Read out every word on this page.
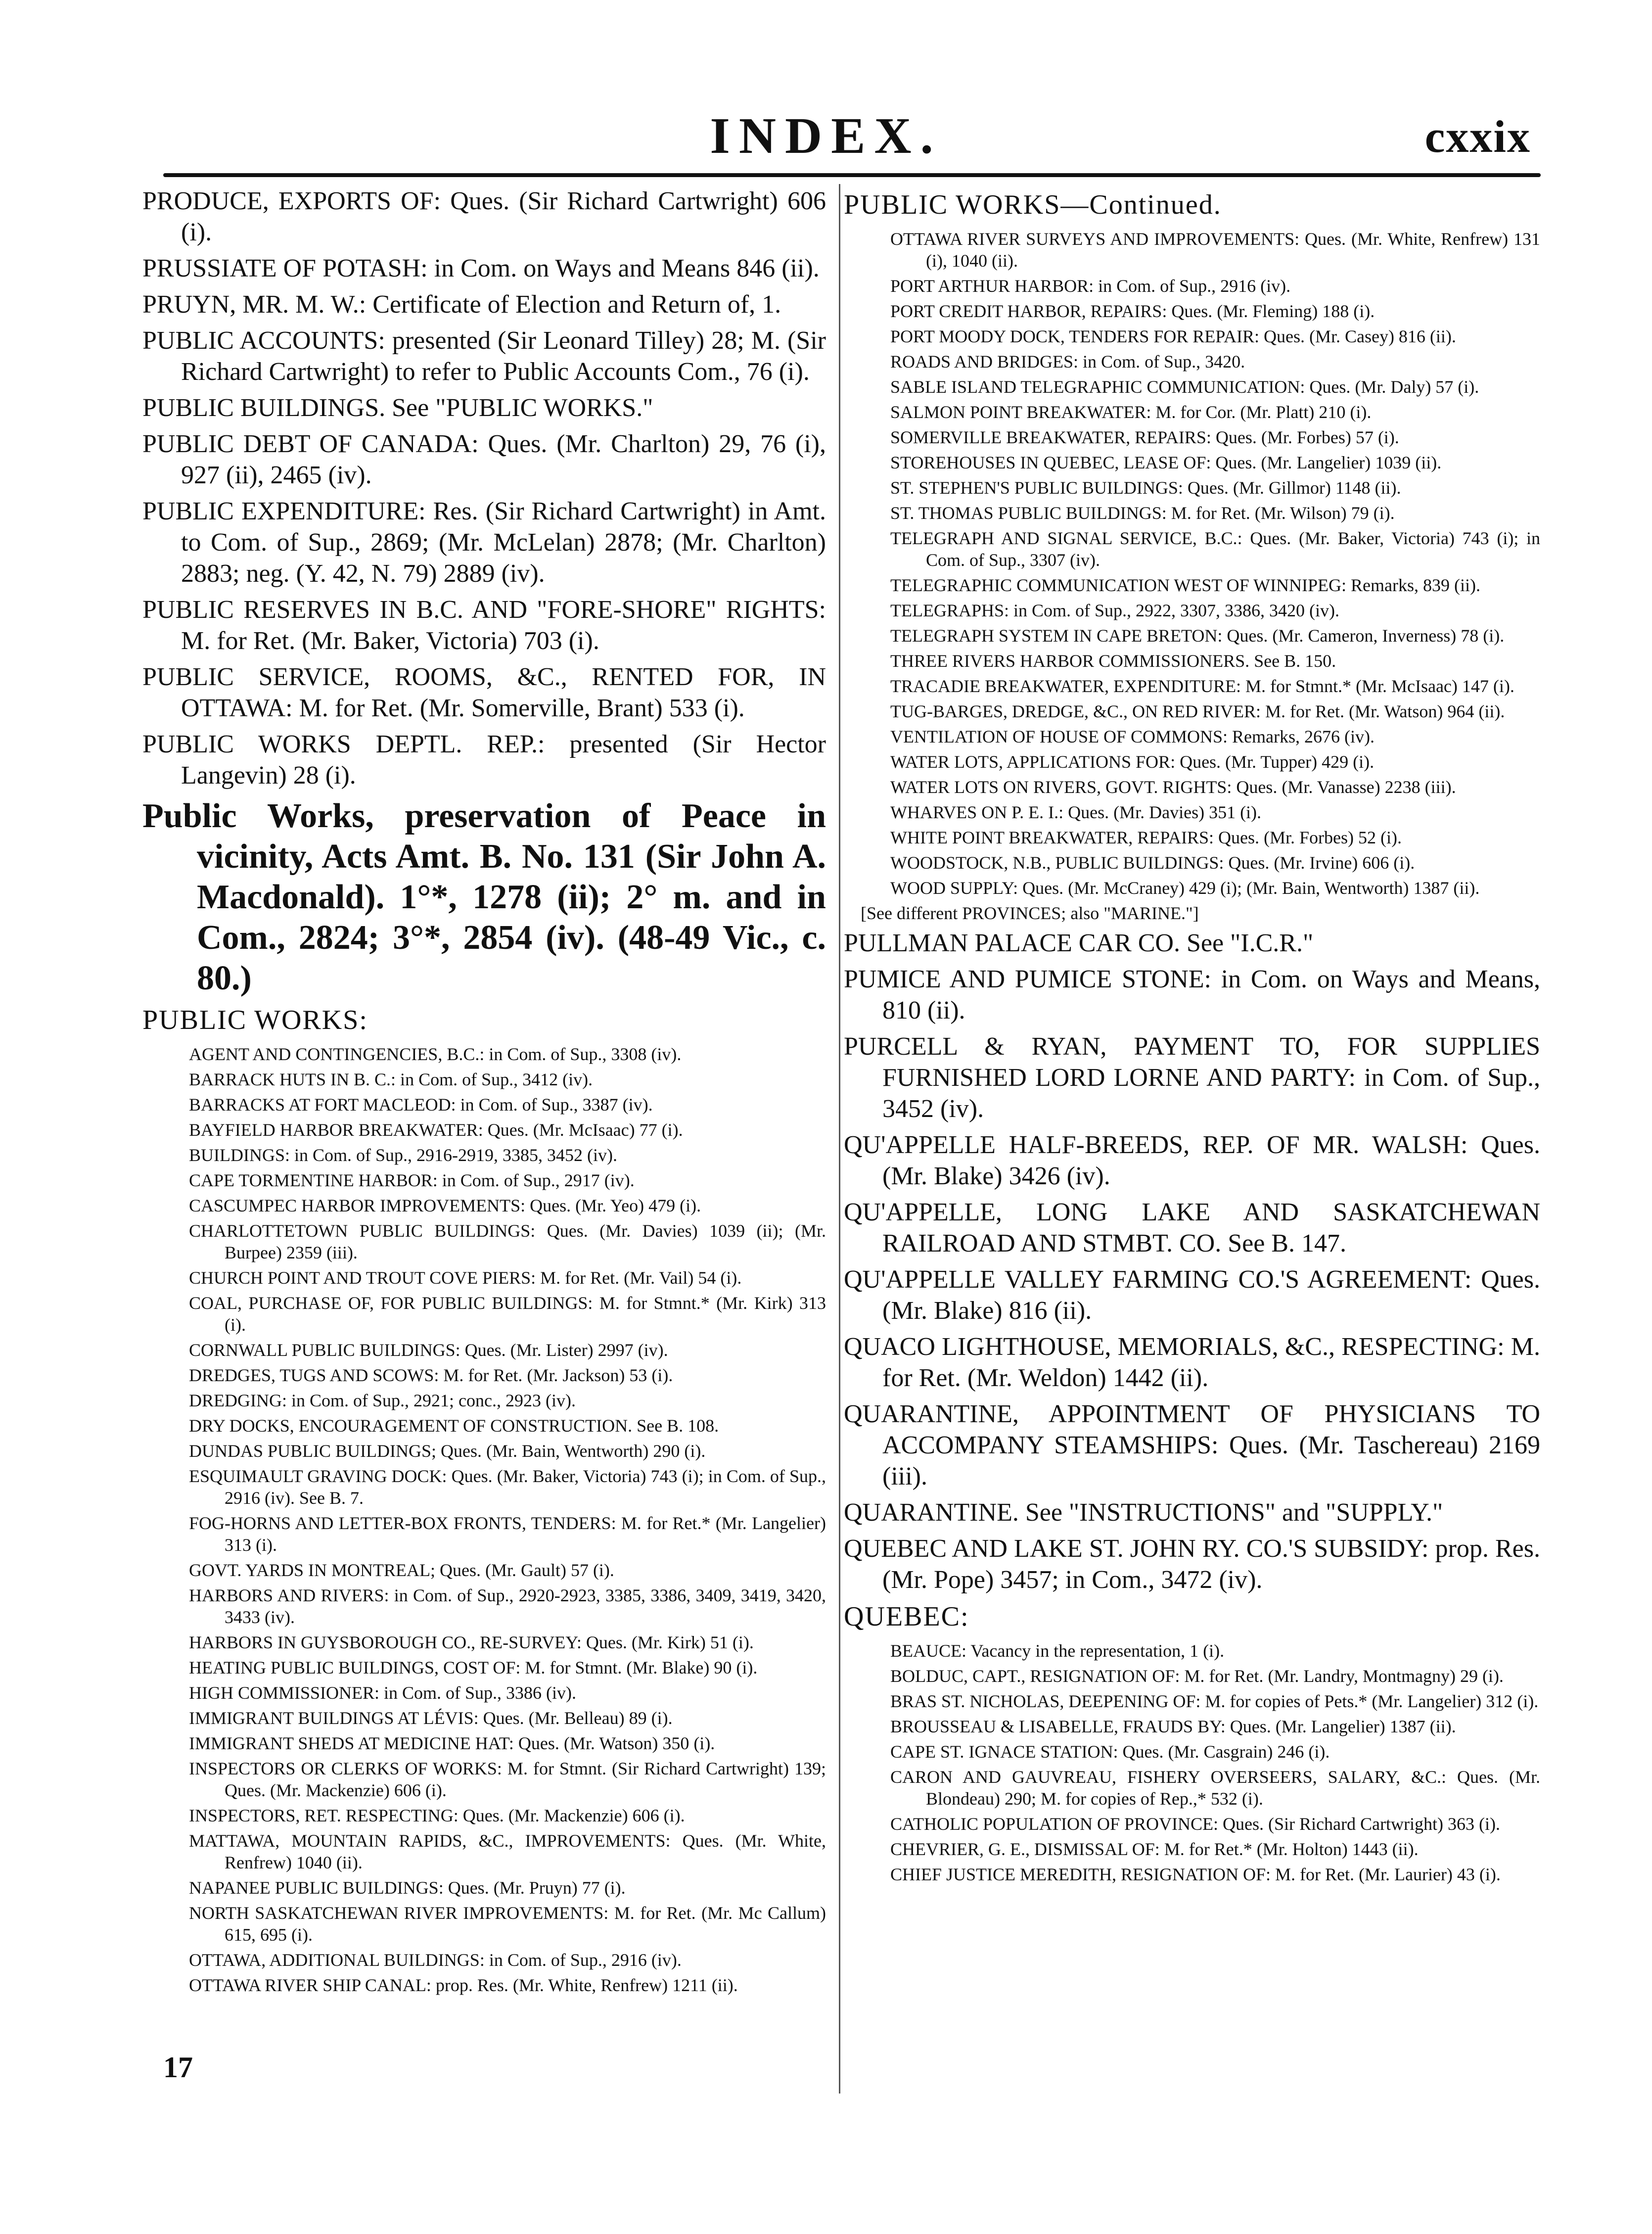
INDEX.	cxxix

PRODUCE, EXPORTS OF: Ques. (Sir Richard Cartwright) 606 (i).

PRUSSIATE OF POTASH: in Com. on Ways and Means 846 (ii).

PRUYN, MR. M. W.: Certificate of Election and Return of, 1.

PUBLIC ACCOUNTS: presented (Sir Leonard Tilley) 28; M. (Sir Richard Cartwright) to refer to Public Accounts Com., 76 (i).

PUBLIC BUILDINGS. See "PUBLIC WORKS."

PUBLIC DEBT OF CANADA: Ques. (Mr. Charlton) 29, 76 (i), 927 (ii), 2465 (iv).

PUBLIC EXPENDITURE: Res. (Sir Richard Cartwright) in Amt. to Com. of Sup., 2869; (Mr. McLelan) 2878; (Mr. Charlton) 2883; neg. (Y. 42, N. 79) 2889 (iv).

PUBLIC RESERVES IN B.C. AND "FORE-SHORE" RIGHTS: M. for Ret. (Mr. Baker, Victoria) 703 (i).

PUBLIC SERVICE, ROOMS, &C., RENTED FOR, IN OTTAWA: M. for Ret. (Mr. Somerville, Brant) 533 (i).

PUBLIC WORKS DEPTL. REP.: presented (Sir Hector Langevin) 28 (i).

Public Works, preservation of Peace in vicinity, Acts Amt. B. No. 131 (Sir John A. Macdonald). 1°*, 1278 (ii); 2° m. and in Com., 2824; 3°*, 2854 (iv). (48-49 Vic., c. 80.)

PUBLIC WORKS:

AGENT AND CONTINGENCIES, B.C.: in Com. of Sup., 3308 (iv).

BARRACK HUTS IN B. C.: in Com. of Sup., 3412 (iv).

BARRACKS AT FORT MACLEOD: in Com. of Sup., 3387 (iv).

BAYFIELD HARBOR BREAKWATER: Ques. (Mr. McIsaac) 77 (i).

BUILDINGS: in Com. of Sup., 2916-2919, 3385, 3452 (iv).

CAPE TORMENTINE HARBOR: in Com. of Sup., 2917 (iv).

CASCUMPEC HARBOR IMPROVEMENTS: Ques. (Mr. Yeo) 479 (i).

CHARLOTTETOWN PUBLIC BUILDINGS: Ques. (Mr. Davies) 1039 (ii); (Mr. Burpee) 2359 (iii).

CHURCH POINT AND TROUT COVE PIERS: M. for Ret. (Mr. Vail) 54 (i).

COAL, PURCHASE OF, FOR PUBLIC BUILDINGS: M. for Stmnt.* (Mr. Kirk) 313 (i).

CORNWALL PUBLIC BUILDINGS: Ques. (Mr. Lister) 2997 (iv).

DREDGES, TUGS AND SCOWS: M. for Ret. (Mr. Jackson) 53 (i).

DREDGING: in Com. of Sup., 2921; conc., 2923 (iv).

DRY DOCKS, ENCOURAGEMENT OF CONSTRUCTION. See B. 108.

DUNDAS PUBLIC BUILDINGS; Ques. (Mr. Bain, Wentworth) 290 (i).

ESQUIMAULT GRAVING DOCK: Ques. (Mr. Baker, Victoria) 743 (i); in Com. of Sup., 2916 (iv). See B. 7.

FOG-HORNS AND LETTER-BOX FRONTS, TENDERS: M. for Ret.* (Mr. Langelier) 313 (i).

GOVT. YARDS IN MONTREAL; Ques. (Mr. Gault) 57 (i).

HARBORS AND RIVERS: in Com. of Sup., 2920-2923, 3385, 3386, 3409, 3419, 3420, 3433 (iv).

HARBORS IN GUYSBOROUGH CO., RE-SURVEY: Ques. (Mr. Kirk) 51 (i).

HEATING PUBLIC BUILDINGS, COST OF: M. for Stmnt. (Mr. Blake) 90 (i).

HIGH COMMISSIONER: in Com. of Sup., 3386 (iv).

IMMIGRANT BUILDINGS AT LÉVIS: Ques. (Mr. Belleau) 89 (i).

IMMIGRANT SHEDS AT MEDICINE HAT: Ques. (Mr. Watson) 350 (i).

INSPECTORS OR CLERKS OF WORKS: M. for Stmnt. (Sir Richard Cartwright) 139; Ques. (Mr. Mackenzie) 606 (i).

INSPECTORS, RET. RESPECTING: Ques. (Mr. Mackenzie) 606 (i).

MATTAWA, MOUNTAIN RAPIDS, &C., IMPROVEMENTS: Ques. (Mr. White, Renfrew) 1040 (ii).

NAPANEE PUBLIC BUILDINGS: Ques. (Mr. Pruyn) 77 (i).

NORTH SASKATCHEWAN RIVER IMPROVEMENTS: M. for Ret. (Mr. Mc Callum) 615, 695 (i).

OTTAWA, ADDITIONAL BUILDINGS: in Com. of Sup., 2916 (iv).

OTTAWA RIVER SHIP CANAL: prop. Res. (Mr. White, Renfrew) 1211 (ii).

17
PUBLIC WORKS—Continued.

OTTAWA RIVER SURVEYS AND IMPROVEMENTS: Ques. (Mr. White, Renfrew) 131 (i), 1040 (ii).

PORT ARTHUR HARBOR: in Com. of Sup., 2916 (iv).

PORT CREDIT HARBOR, REPAIRS: Ques. (Mr. Fleming) 188 (i).

PORT MOODY DOCK, TENDERS FOR REPAIR: Ques. (Mr. Casey) 816 (ii).

ROADS AND BRIDGES: in Com. of Sup., 3420.

SABLE ISLAND TELEGRAPHIC COMMUNICATION: Ques. (Mr. Daly) 57 (i).

SALMON POINT BREAKWATER: M. for Cor. (Mr. Platt) 210 (i).

SOMERVILLE BREAKWATER, REPAIRS: Ques. (Mr. Forbes) 57 (i).

STOREHOUSES IN QUEBEC, LEASE OF: Ques. (Mr. Langelier) 1039 (ii).

ST. STEPHEN'S PUBLIC BUILDINGS: Ques. (Mr. Gillmor) 1148 (ii).

ST. THOMAS PUBLIC BUILDINGS: M. for Ret. (Mr. Wilson) 79 (i).

TELEGRAPH AND SIGNAL SERVICE, B.C.: Ques. (Mr. Baker, Victoria) 743 (i); in Com. of Sup., 3307 (iv).

TELEGRAPHIC COMMUNICATION WEST OF WINNIPEG: Remarks, 839 (ii).

TELEGRAPHS: in Com. of Sup., 2922, 3307, 3386, 3420 (iv).

TELEGRAPH SYSTEM IN CAPE BRETON: Ques. (Mr. Cameron, Inverness) 78 (i).

THREE RIVERS HARBOR COMMISSIONERS. See B. 150.

TRACADIE BREAKWATER, EXPENDITURE: M. for Stmnt.* (Mr. McIsaac) 147 (i).

TUG-BARGES, DREDGE, &C., ON RED RIVER: M. for Ret. (Mr. Watson) 964 (ii).

VENTILATION OF HOUSE OF COMMONS: Remarks, 2676 (iv).

WATER LOTS, APPLICATIONS FOR: Ques. (Mr. Tupper) 429 (i).

WATER LOTS ON RIVERS, GOVT. RIGHTS: Ques. (Mr. Vanasse) 2238 (iii).

WHARVES ON P. E. I.: Ques. (Mr. Davies) 351 (i).

WHITE POINT BREAKWATER, REPAIRS: Ques. (Mr. Forbes) 52 (i).

WOODSTOCK, N.B., PUBLIC BUILDINGS: Ques. (Mr. Irvine) 606 (i).

WOOD SUPPLY: Ques. (Mr. McCraney) 429 (i); (Mr. Bain, Wentworth) 1387 (ii).

[See different PROVINCES; also "MARINE."]

PULLMAN PALACE CAR CO. See "I.C.R."

PUMICE AND PUMICE STONE: in Com. on Ways and Means, 810 (ii).

PURCELL & RYAN, PAYMENT TO, FOR SUPPLIES FURNISHED LORD LORNE AND PARTY: in Com. of Sup., 3452 (iv).

QU'APPELLE HALF-BREEDS, REP. OF MR. WALSH: Ques. (Mr. Blake) 3426 (iv).

QU'APPELLE, LONG LAKE AND SASKATCHEWAN RAILROAD AND STMBT. CO. See B. 147.

QU'APPELLE VALLEY FARMING CO.'S AGREEMENT: Ques. (Mr. Blake) 816 (ii).

QUACO LIGHTHOUSE, MEMORIALS, &C., RESPECTING: M. for Ret. (Mr. Weldon) 1442 (ii).

QUARANTINE, APPOINTMENT OF PHYSICIANS TO ACCOMPANY STEAMSHIPS: Ques. (Mr. Taschereau) 2169 (iii).

QUARANTINE. See "INSTRUCTIONS" and "SUPPLY."

QUEBEC AND LAKE ST. JOHN RY. CO.'S SUBSIDY: prop. Res. (Mr. Pope) 3457; in Com., 3472 (iv).

QUEBEC:

BEAUCE: Vacancy in the representation, 1 (i).

BOLDUC, CAPT., RESIGNATION OF: M. for Ret. (Mr. Landry, Montmagny) 29 (i).

BRAS ST. NICHOLAS, DEEPENING OF: M. for copies of Pets.* (Mr. Langelier) 312 (i).

BROUSSEAU & LISABELLE, FRAUDS BY: Ques. (Mr. Langelier) 1387 (ii).

CAPE ST. IGNACE STATION: Ques. (Mr. Casgrain) 246 (i).

CARON AND GAUVREAU, FISHERY OVERSEERS, SALARY, &C.: Ques. (Mr. Blondeau) 290; M. for copies of Rep.,* 532 (i).

CATHOLIC POPULATION OF PROVINCE: Ques. (Sir Richard Cartwright) 363 (i).

CHEVRIER, G. E., DISMISSAL OF: M. for Ret.* (Mr. Holton) 1443 (ii).

CHIEF JUSTICE MEREDITH, RESIGNATION OF: M. for Ret. (Mr. Laurier) 43 (i).
